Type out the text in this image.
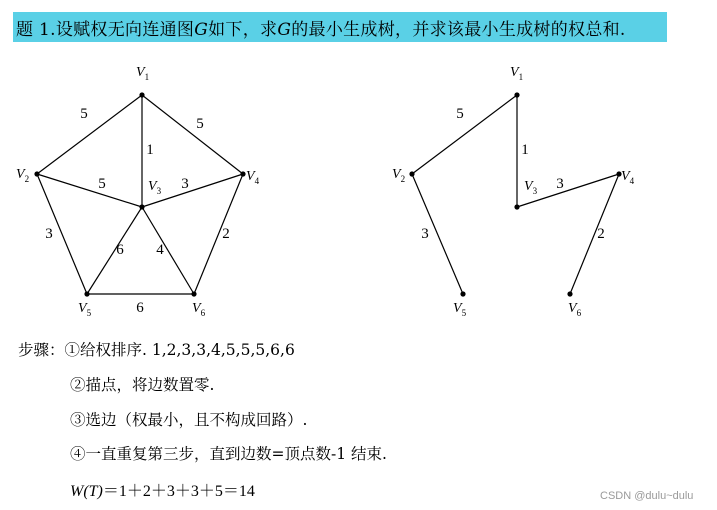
题 1.设赋权无向连通图G如下，求G的最小生成树，并求该最小生成树的权总和.
5
5
1
5	3
3
6 4
2
6
$V_1$
$V_2$	$V_3$
$V_4$
$V_5$	$V_6$
5
1
3
3	2
$V_1$
$V_2$	$V_3$
$V_4$
$V_5$	$V_6$
步骤：①给权排序. 1,2,3,3,4,5,5,5,6,6
②描点，将边数置零.
③选边（权最小，且不构成回路）.
④一直重复第三步，直到边数=顶点数-1 结束.
W(T)＝1＋2＋3＋3＋5＝14	CSDN @dulu~dulu
